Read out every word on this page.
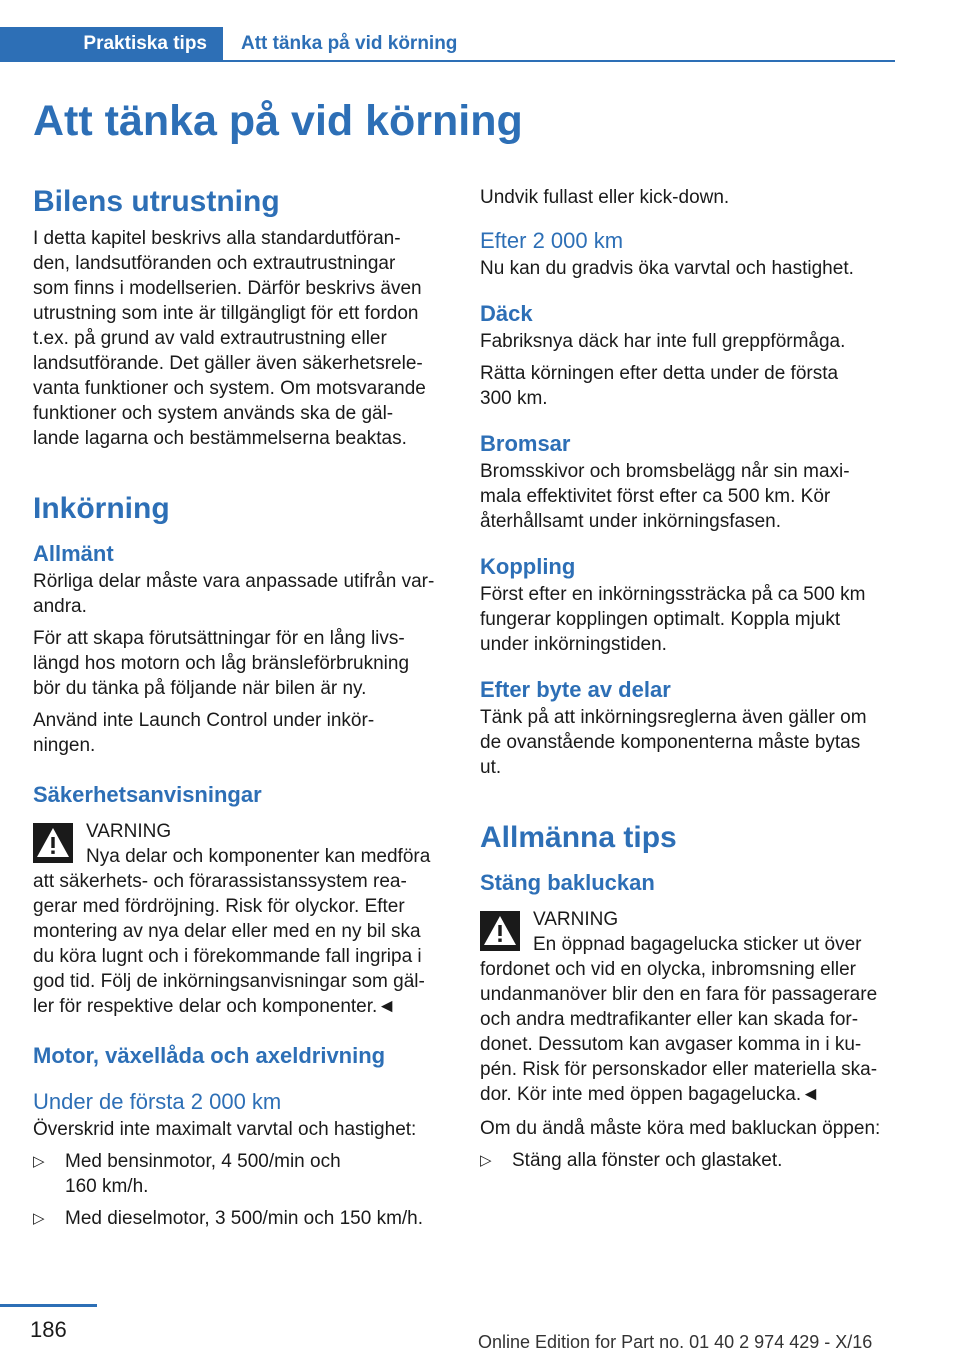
Praktiska tips	Att tänka på vid körning
Att tänka på vid körning
Bilens utrustning

I detta kapitel beskrivs alla standardutföran-

den, landsutföranden och extrautrustningar

som finns i modellserien. Därför beskrivs även

utrustning som inte är tillgängligt för ett fordon

t.ex. på grund av vald extrautrustning eller

landsutförande. Det gäller även säkerhetsrele-

vanta funktioner och system. Om motsvarande

funktioner och system används ska de gäl-

lande lagarna och bestämmelserna beaktas.

Inkörning
Allmänt

Rörliga delar måste vara anpassade utifrån var-

andra.

För att skapa förutsättningar för en lång livs-

längd hos motorn och låg bränsleförbrukning

bör du tänka på följande när bilen är ny.

Använd inte Launch Control under inkör-

ningen.

Säkerhetsanvisningar
VARNING

Nya delar och komponenter kan medföra

att säkerhets- och förarassistanssystem rea-

gerar med fördröjning. Risk för olyckor. Efter

montering av nya delar eller med en ny bil ska

du köra lugnt och i förekommande fall ingripa i

god tid. Följ de inkörningsanvisningar som gäl-

ler för respektive delar och komponenter.◄

Motor, växellåda och axeldrivning
Under de första 2 000 km

Överskrid inte maximalt varvtal och hastighet:

▷ Med bensinmotor, 4 500/min och

160 km/h.

▷ Med dieselmotor, 3 500/min och 150 km/h.

Undvik fullast eller kick-down.

Efter 2 000 km

Nu kan du gradvis öka varvtal och hastighet.

Däck

Fabriksnya däck har inte full greppförmåga.

Rätta körningen efter detta under de första

300 km.

Bromsar

Bromsskivor och bromsbelägg når sin maxi-

mala effektivitet först efter ca 500 km. Kör

återhållsamt under inkörningsfasen.

Koppling

Först efter en inkörningssträcka på ca 500 km

fungerar kopplingen optimalt. Koppla mjukt

under inkörningstiden.

Efter byte av delar

Tänk på att inkörningsreglerna även gäller om

de ovanstående komponenterna måste bytas

ut.

Allmänna tips
Stäng bakluckan
VARNING

En öppnad bagagelucka sticker ut över

fordonet och vid en olycka, inbromsning eller

undanmanöver blir den en fara för passagerare

och andra medtrafikanter eller kan skada for-

donet. Dessutom kan avgaser komma in i ku-

pén. Risk för personskador eller materiella ska-

dor. Kör inte med öppen bagagelucka.◄

Om du ändå måste köra med bakluckan öppen:

▷ Stäng alla fönster och glastaket.

186	Online Edition for Part no. 01 40 2 974 429 - X/16
